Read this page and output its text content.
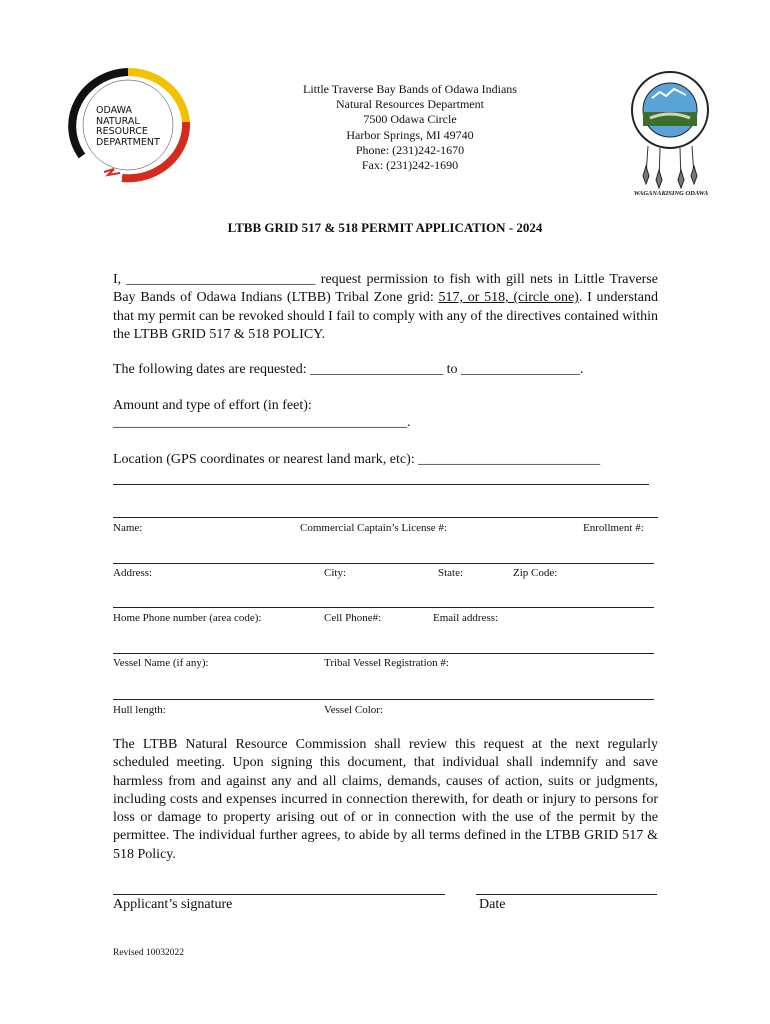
ODAWA
NATURAL
RESOURCE
DEPARTMENT
Little Traverse Bay Bands of Odawa Indians
Natural Resources Department
7500 Odawa Circle
Harbor Springs, MI 49740
Phone: (231)242-1670
Fax: (231)242-1690
WAGANAKISING ODAWA
LTBB GRID 517 & 518 PERMIT APPLICATION - 2024
I, ___________________________ request permission to fish with gill nets in Little Traverse Bay Bands of Odawa Indians (LTBB) Tribal Zone grid: 517, or 518, (circle one). I understand that my permit can be revoked should I fail to comply with any of the directives contained within the LTBB GRID 517 & 518 POLICY.
The following dates are requested: ___________________ to _________________.
Amount and type of effort (in feet):
__________________________________________.
Location (GPS coordinates or nearest land mark, etc): __________________________
Name:	Commercial Captain’s License #:	Enrollment #:
Address:	City:	State:	Zip Code:
Home Phone number (area code):	Cell Phone#:	Email address:
Vessel Name (if any):	Tribal Vessel Registration #:
Hull length:	Vessel Color:
The LTBB Natural Resource Commission shall review this request at the next regularly scheduled meeting. Upon signing this document, that individual shall indemnify and save harmless from and against any and all claims, demands, causes of action, suits or judgments, including costs and expenses incurred in connection therewith, for death or injury to persons for loss or damage to property arising out of or in connection with the use of the permit by the permittee. The individual further agrees, to abide by all terms defined in the LTBB GRID 517 & 518 Policy.
Applicant’s signature	Date
Revised 10032022
